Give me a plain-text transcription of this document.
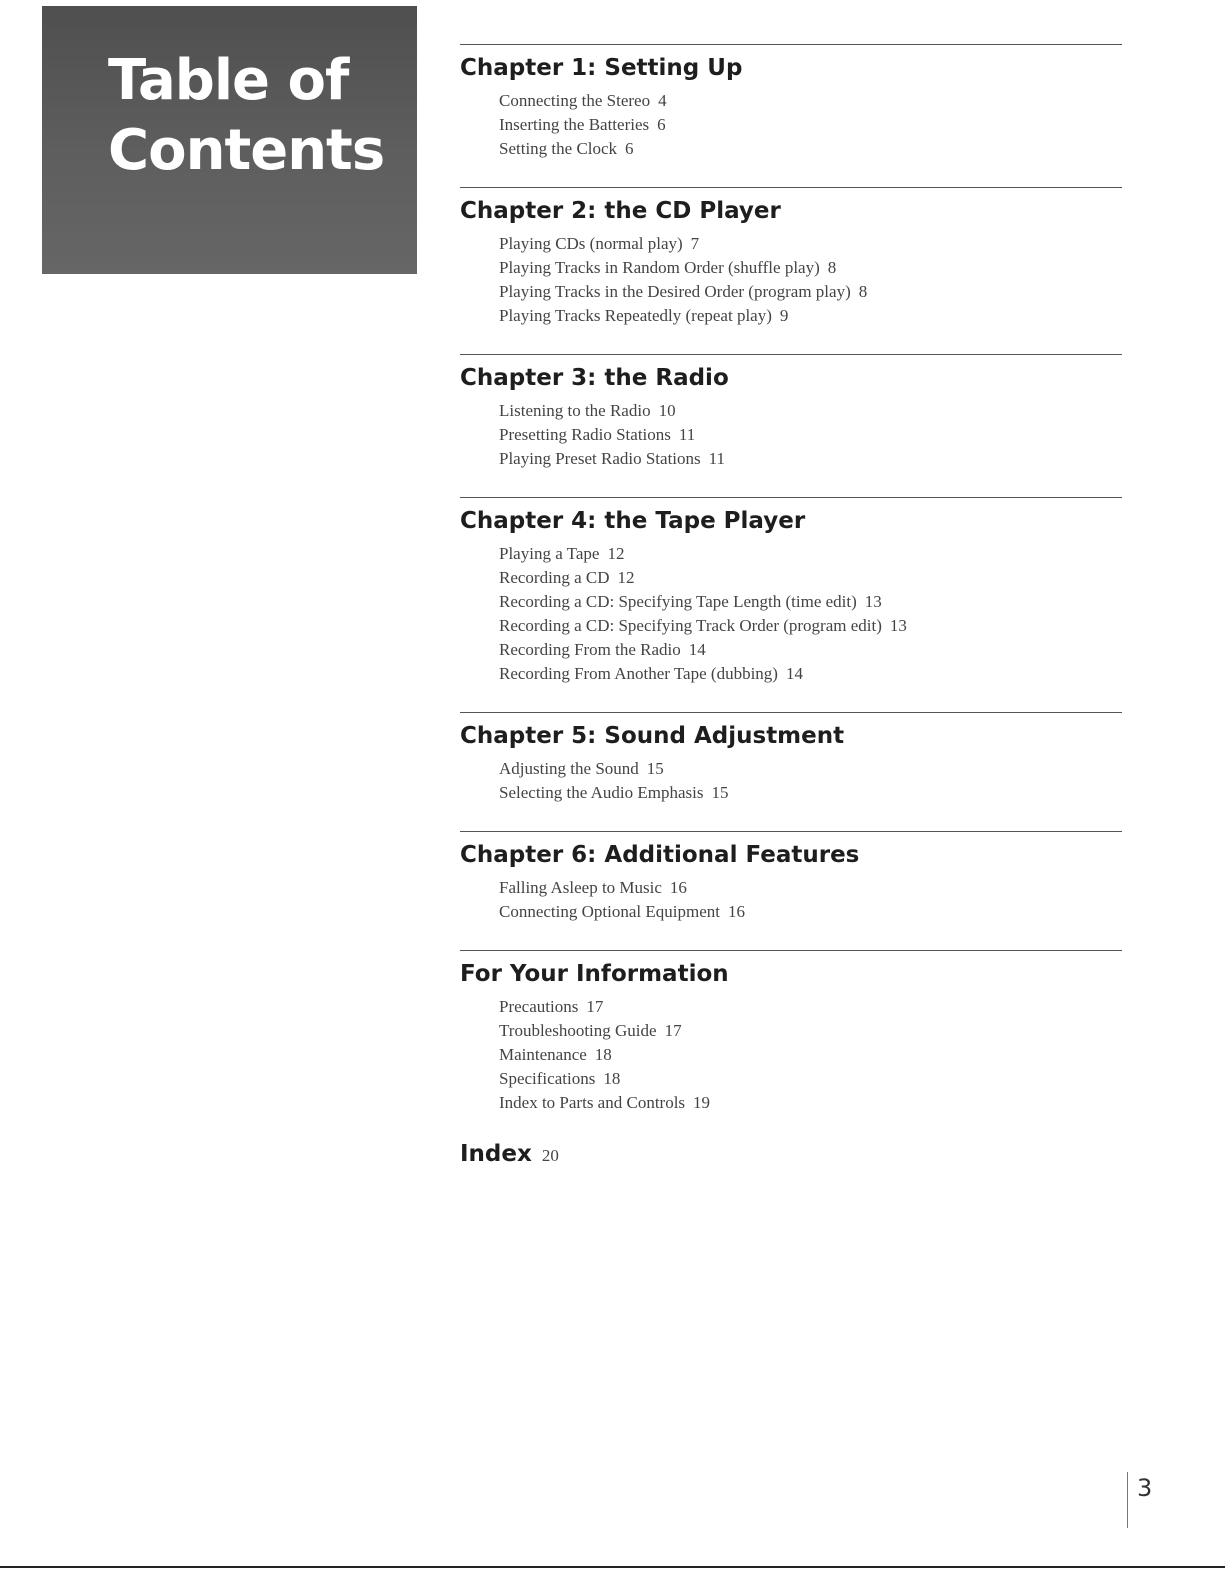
Table of
Contents
Chapter 1: Setting Up
Connecting the Stereo 4
Inserting the Batteries 6
Setting the Clock 6
Chapter 2: the CD Player
Playing CDs (normal play) 7
Playing Tracks in Random Order (shuffle play) 8
Playing Tracks in the Desired Order (program play) 8
Playing Tracks Repeatedly (repeat play) 9
Chapter 3: the Radio
Listening to the Radio 10
Presetting Radio Stations 11
Playing Preset Radio Stations 11
Chapter 4: the Tape Player
Playing a Tape 12
Recording a CD 12
Recording a CD: Specifying Tape Length (time edit) 13
Recording a CD: Specifying Track Order (program edit) 13
Recording From the Radio 14
Recording From Another Tape (dubbing) 14
Chapter 5: Sound Adjustment
Adjusting the Sound 15
Selecting the Audio Emphasis 15
Chapter 6: Additional Features
Falling Asleep to Music 16
Connecting Optional Equipment 16
For Your Information
Precautions 17
Troubleshooting Guide 17
Maintenance 18
Specifications 18
Index to Parts and Controls 19
Index 20
3
